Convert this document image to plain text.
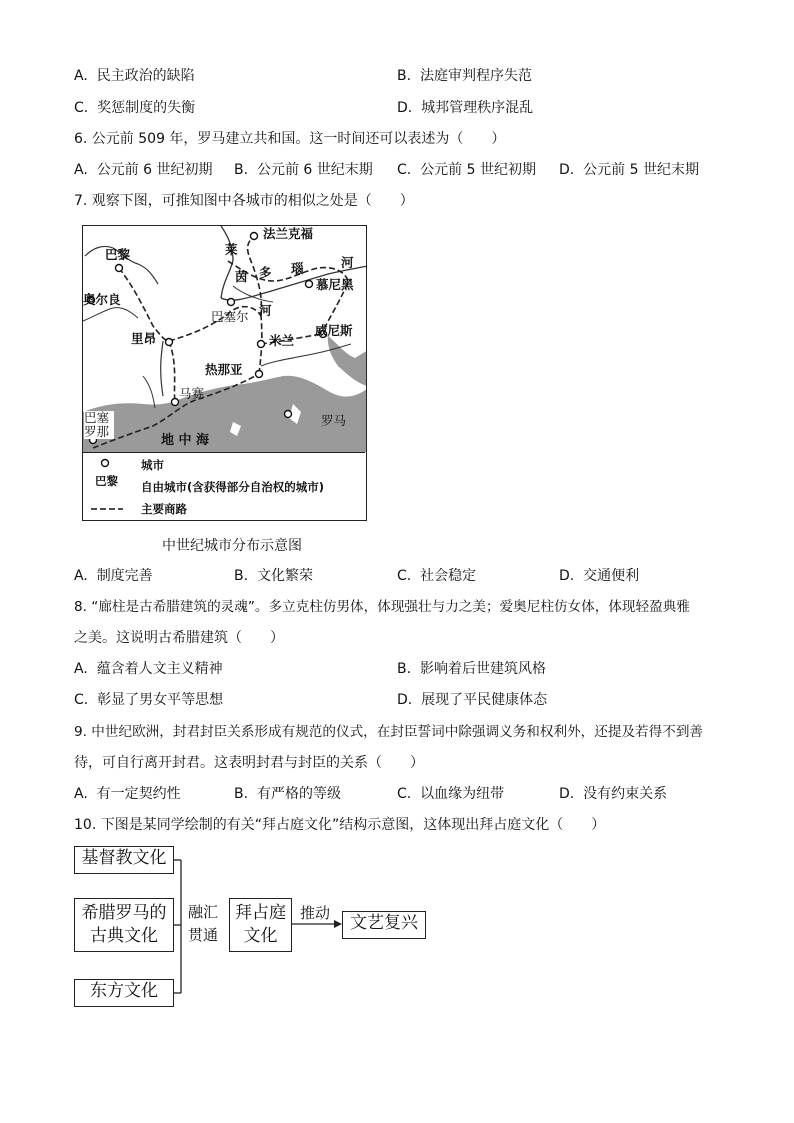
A. 民主政治的缺陷	B. 法庭审判程序失范
C. 奖惩制度的失衡	D. 城邦管理秩序混乱
6. 公元前 509 年，罗马建立共和国。这一时间还可以表述为（　　）
A. 公元前 6 世纪初期 B. 公元前 6 世纪末期 C. 公元前 5 世纪初期 D. 公元前 5 世纪末期
7. 观察下图，可推知图中各城市的相似之处是（　　）
法兰克福
巴黎
奥尔良
慕尼黑
巴塞尔
米兰
威尼斯
里昂
热那亚
马赛
巴塞罗那
罗马
莱
茵 多 瑙	河
河
地 中 海
巴黎
城市
自由城市(含获得部分自治权的城市)
主要商路
中世纪城市分布示意图
A. 制度完善	B. 文化繁荣	C. 社会稳定	D. 交通便利
8. “廊柱是古希腊建筑的灵魂”。多立克柱仿男体，体现强壮与力之美；爱奥尼柱仿女体，体现轻盈典雅
之美。这说明古希腊建筑（　　）
A. 蕴含着人文主义精神	B. 影响着后世建筑风格
C. 彰显了男女平等思想	D. 展现了平民健康体态
9. 中世纪欧洲，封君封臣关系形成有规范的仪式，在封臣誓词中除强调义务和权利外，还提及若得不到善
待，可自行离开封君。这表明封君与封臣的关系（　　）
A. 有一定契约性	B. 有严格的等级	C. 以血缘为纽带	D. 没有约束关系
10. 下图是某同学绘制的有关“拜占庭文化”结构示意图，这体现出拜占庭文化（　　）
基督教文化
希腊罗马的
古典文化
东方文化
融汇
贯通
拜占庭
文化
推动	文艺复兴
